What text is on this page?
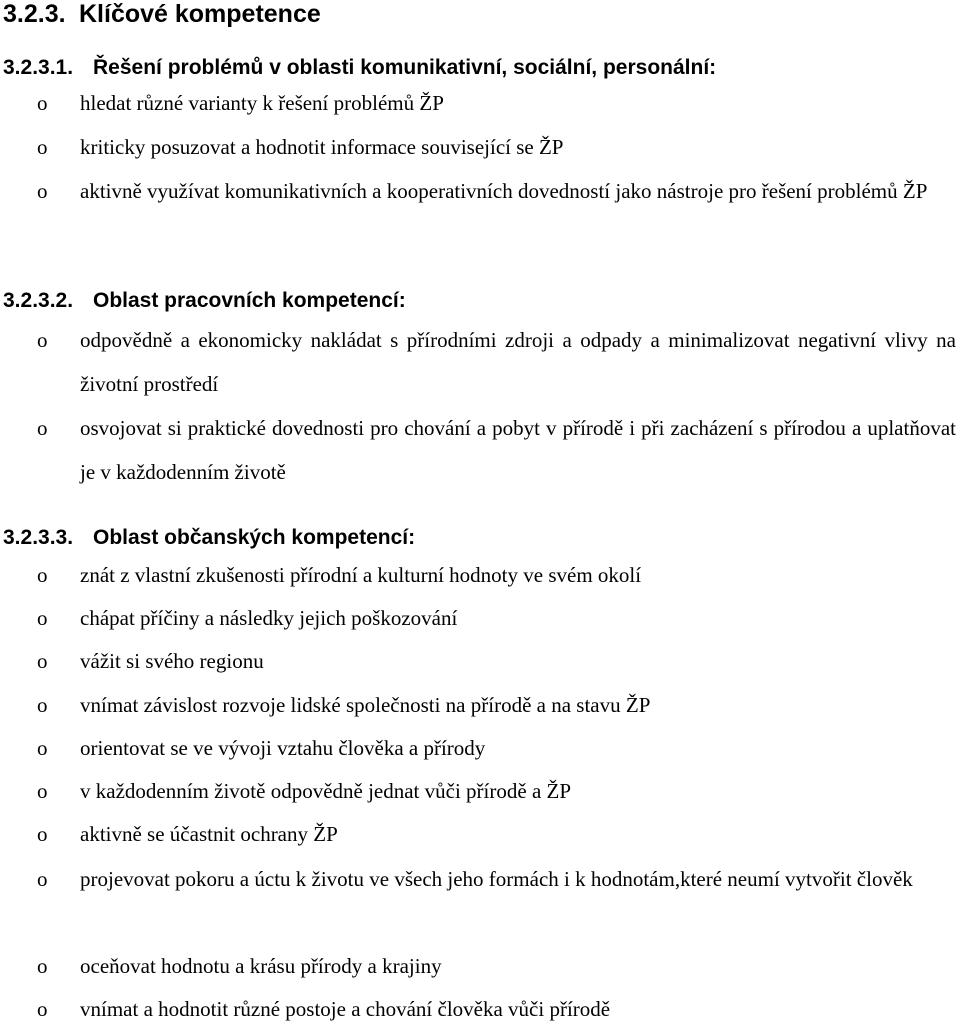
3.2.3. Klíčové kompetence
3.2.3.1. Řešení problémů v oblasti komunikativní, sociální, personální:
o hledat různé varianty k řešení problémů ŽP
o kriticky posuzovat a hodnotit informace související se ŽP
o aktivně využívat komunikativních a kooperativních dovedností jako nástroje pro řešení problémů ŽP
3.2.3.2. Oblast pracovních kompetencí:
o odpovědně a ekonomicky nakládat s přírodními zdroji a odpady a minimalizovat negativní vlivy na životní prostředí
o osvojovat si praktické dovednosti pro chování a pobyt v přírodě i při zacházení s přírodou a uplatňovat je v každodenním životě
3.2.3.3. Oblast občanských kompetencí:
o znát z vlastní zkušenosti přírodní a kulturní hodnoty ve svém okolí
o chápat příčiny a následky jejich poškozování
o vážit si svého regionu
o vnímat závislost rozvoje lidské společnosti na přírodě a na stavu ŽP
o orientovat se ve vývoji vztahu člověka a přírody
o v každodenním životě odpovědně jednat vůči přírodě a ŽP
o aktivně se účastnit ochrany ŽP
o projevovat pokoru a úctu k životu ve všech jeho formách i k hodnotám,které neumí vytvořit člověk
o oceňovat hodnotu a krásu přírody a krajiny
o vnímat a hodnotit různé postoje a chování člověka vůči přírodě
